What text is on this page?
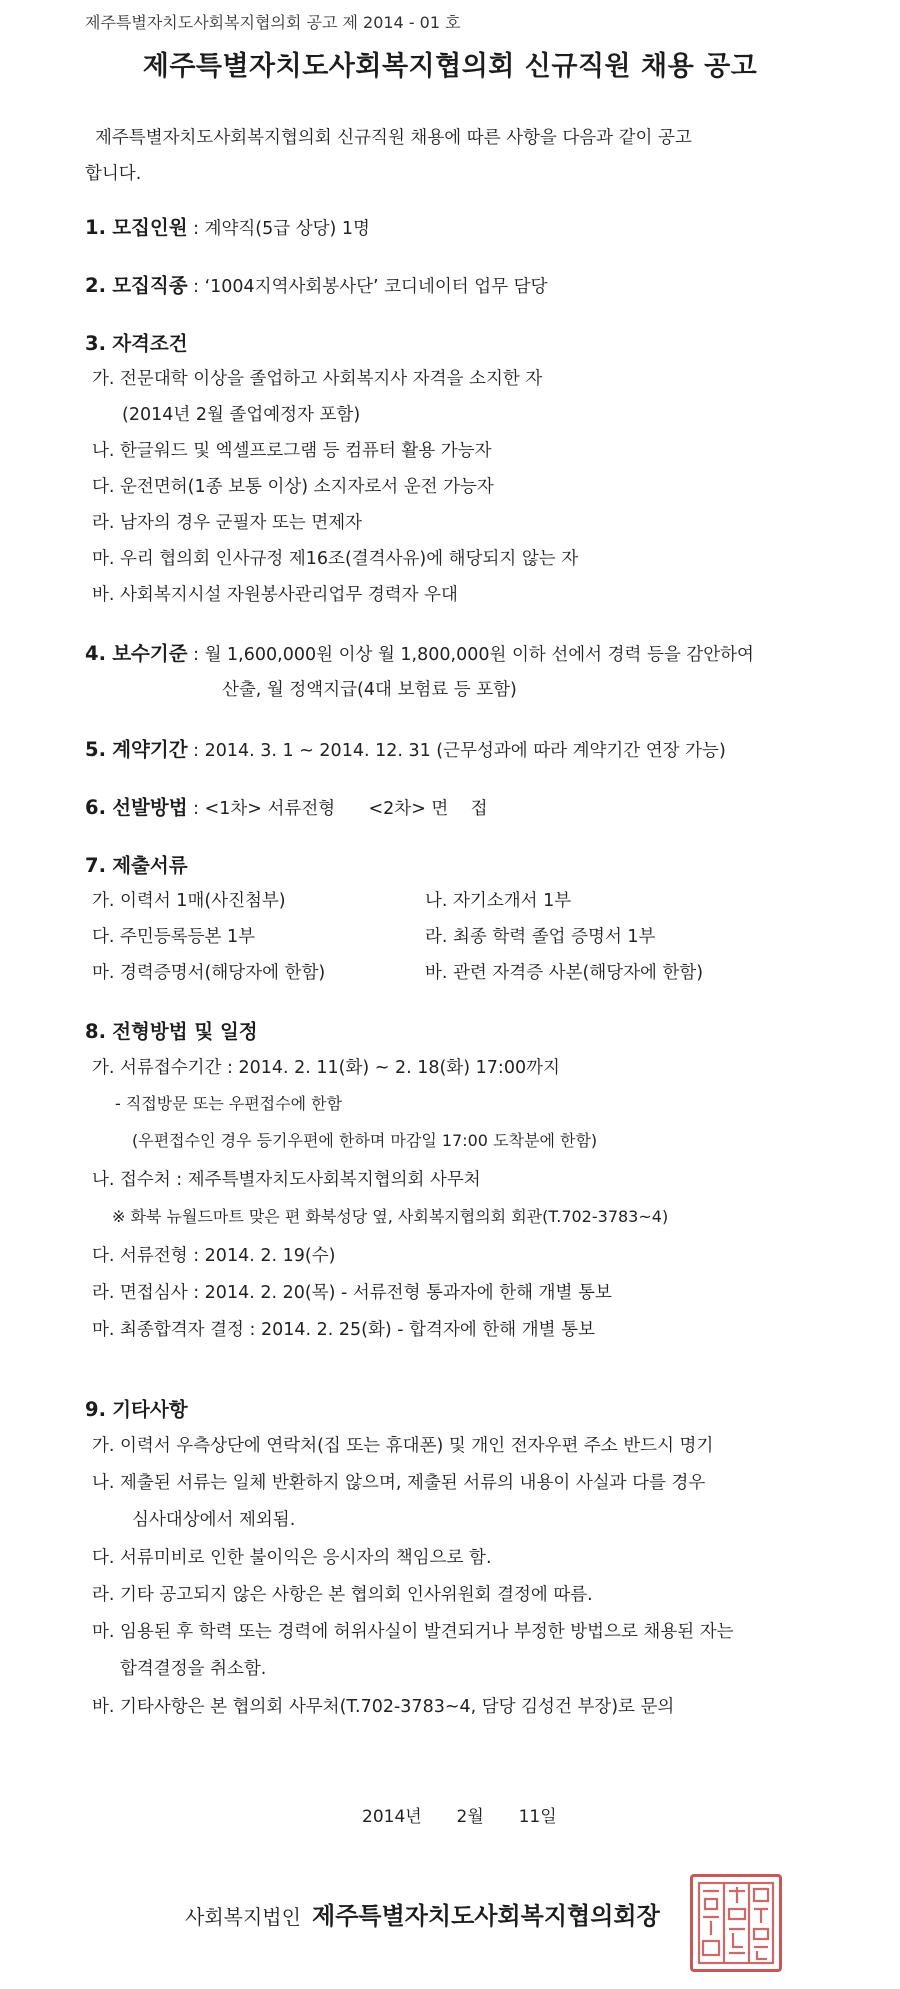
제주특별자치도사회복지협의회 공고 제 2014 - 01 호
제주특별자치도사회복지협의회 신규직원 채용 공고
제주특별자치도사회복지협의회 신규직원 채용에 따른 사항을 다음과 같이 공고
합니다.
1. 모집인원 : 계약직(5급 상당) 1명
2. 모집직종 : ‘1004지역사회봉사단’ 코디네이터 업무 담당
3. 자격조건
가. 전문대학 이상을 졸업하고 사회복지사 자격을 소지한 자
(2014년 2월 졸업예정자 포함)
나. 한글워드 및 엑셀프로그램 등 컴퓨터 활용 가능자
다. 운전면허(1종 보통 이상) 소지자로서 운전 가능자
라. 남자의 경우 군필자 또는 면제자
마. 우리 협의회 인사규정 제16조(결격사유)에 해당되지 않는 자
바. 사회복지시설 자원봉사관리업무 경력자 우대
4. 보수기준 : 월 1,600,000원 이상 월 1,800,000원 이하 선에서 경력 등을 감안하여
산출, 월 정액지급(4대 보험료 등 포함)
5. 계약기간 : 2014. 3. 1 ~ 2014. 12. 31 (근무성과에 따라 계약기간 연장 가능)
6. 선발방법 : <1차> 서류전형      <2차> 면    접
7. 제출서류
가. 이력서 1매(사진첨부)	나. 자기소개서 1부
다. 주민등록등본 1부	라. 최종 학력 졸업 증명서 1부
마. 경력증명서(해당자에 한함)	바. 관련 자격증 사본(해당자에 한함)
8. 전형방법 및 일정
가. 서류접수기간 : 2014. 2. 11(화) ~ 2. 18(화) 17:00까지
- 직접방문 또는 우편접수에 한함
(우편접수인 경우 등기우편에 한하며 마감일 17:00 도착분에 한함)
나. 접수처 : 제주특별자치도사회복지협의회 사무처
※ 화북 뉴월드마트 맞은 편 화북성당 옆, 사회복지협의회 회관(T.702-3783~4)
다. 서류전형 : 2014. 2. 19(수)
라. 면접심사 : 2014. 2. 20(목) - 서류전형 통과자에 한해 개별 통보
마. 최종합격자 결정 : 2014. 2. 25(화) - 합격자에 한해 개별 통보
9. 기타사항
가. 이력서 우측상단에 연락처(집 또는 휴대폰) 및 개인 전자우편 주소 반드시 명기
나. 제출된 서류는 일체 반환하지 않으며, 제출된 서류의 내용이 사실과 다를 경우
심사대상에서 제외됨.
다. 서류미비로 인한 불이익은 응시자의 책임으로 함.
라. 기타 공고되지 않은 사항은 본 협의회 인사위원회 결정에 따름.
마. 임용된 후 학력 또는 경력에 허위사실이 발견되거나 부정한 방법으로 채용된 자는
합격결정을 취소함.
바. 기타사항은 본 협의회 사무처(T.702-3783~4, 담당 김성건 부장)로 문의
2014년 2월 11일
사회복지법인 제주특별자치도사회복지협의회장
